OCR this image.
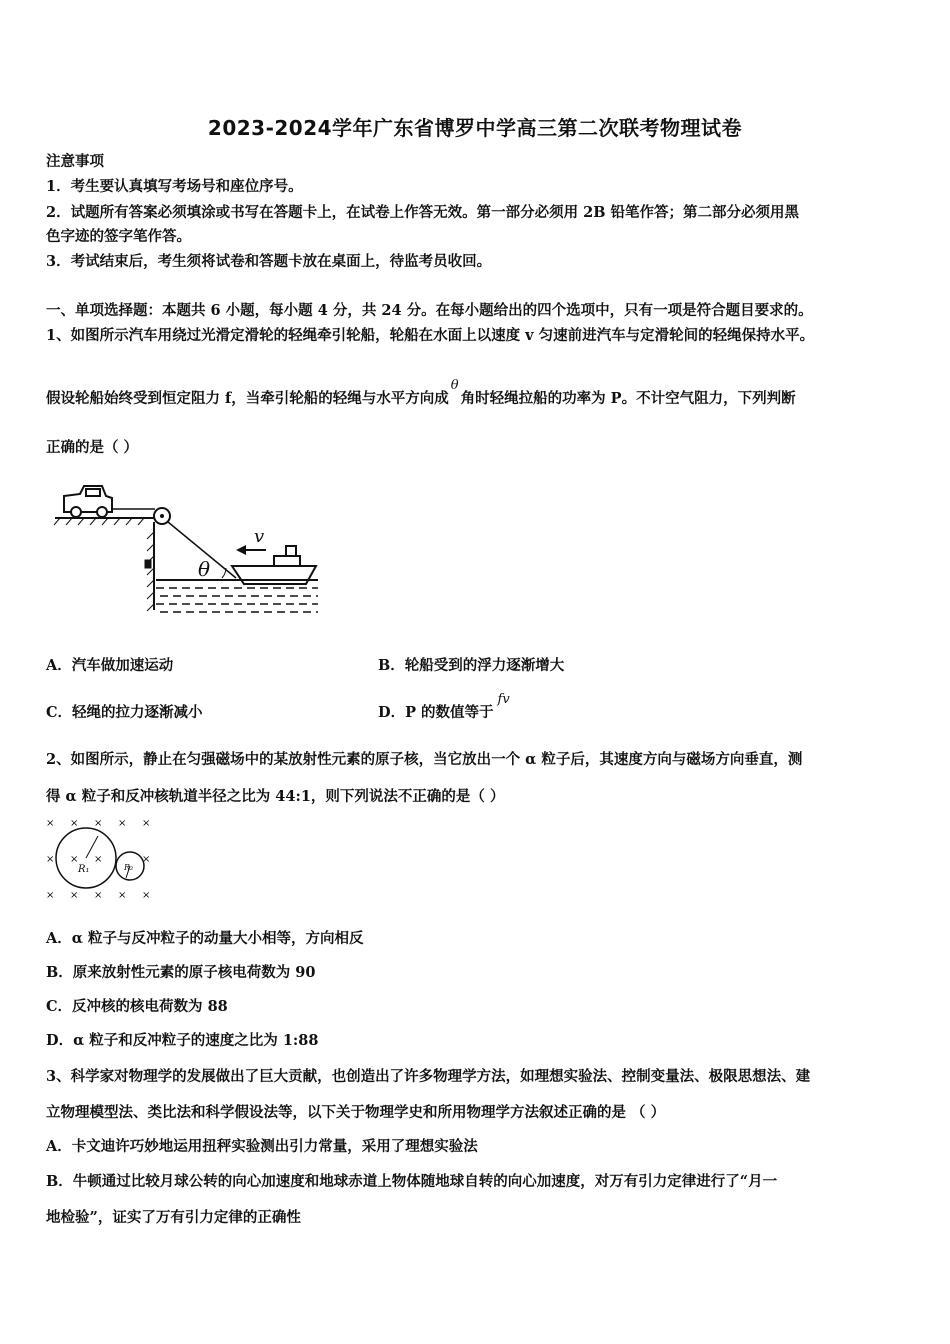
2023-2024学年广东省博罗中学高三第二次联考物理试卷
注意事项
1．考生要认真填写考场号和座位序号。
2．试题所有答案必须填涂或书写在答题卡上，在试卷上作答无效。第一部分必须用 2B 铅笔作答；第二部分必须用黑
色字迹的签字笔作答。
3．考试结束后，考生须将试卷和答题卡放在桌面上，待监考员收回。
一、单项选择题：本题共 6 小题，每小题 4 分，共 24 分。在每小题给出的四个选项中，只有一项是符合题目要求的。
1、如图所示汽车用绕过光滑定滑轮的轻绳牵引轮船，轮船在水面上以速度 v 匀速前进汽车与定滑轮间的轻绳保持水平。
假设轮船始终受到恒定阻力 f，当牵引轮船的轻绳与水平方向成θ角时轻绳拉船的功率为 P。不计空气阻力，下列判断
正确的是（ ）
θ
v
A．汽车做加速运动	B．轮船受到的浮力逐渐增大
C．轻绳的拉力逐渐减小	D．P 的数值等于fv
2、如图所示，静止在匀强磁场中的某放射性元素的原子核，当它放出一个 α 粒子后，其速度方向与磁场方向垂直，测
得 α 粒子和反冲核轨道半径之比为 44:1，则下列说法不正确的是（ ）
× × × × ×
× × ×	×
× × × × ×
R₁	R₂
A．α 粒子与反冲粒子的动量大小相等，方向相反
B．原来放射性元素的原子核电荷数为 90
C．反冲核的核电荷数为 88
D．α 粒子和反冲粒子的速度之比为 1:88
3、科学家对物理学的发展做出了巨大贡献，也创造出了许多物理学方法，如理想实验法、控制变量法、极限思想法、建
立物理模型法、类比法和科学假设法等，以下关于物理学史和所用物理学方法叙述正确的是 （ ）
A．卡文迪许巧妙地运用扭秤实验测出引力常量，采用了理想实验法
B．牛顿通过比较月球公转的向心加速度和地球赤道上物体随地球自转的向心加速度，对万有引力定律进行了“月一
地检验”，证实了万有引力定律的正确性
